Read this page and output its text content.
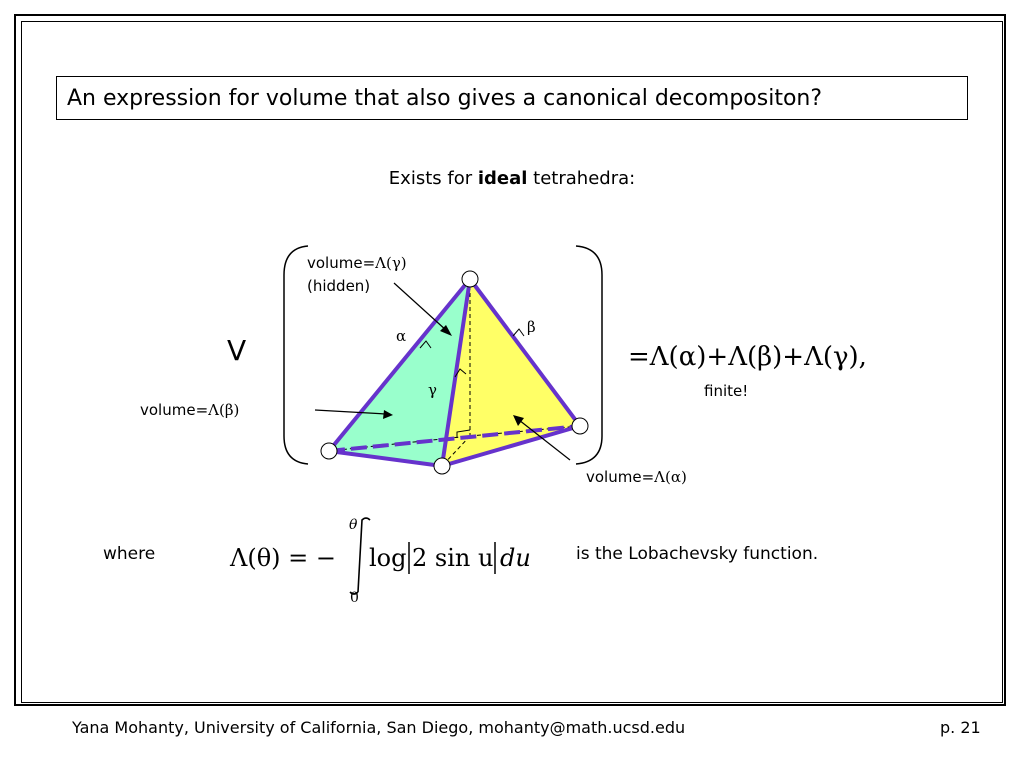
An expression for volume that also gives a canonical decompositon?
Exists for ideal tetrahedra:
V	α	β
γ
volume=Λ(γ)
(hidden)
volume=Λ(β)
volume=Λ(α)
=Λ(α)+Λ(β)+Λ(γ),
finite!
where	Λ(θ) = −
θ
0
log 2 sin u du	is the Lobachevsky function.
Yana Mohanty, University of California, San Diego, mohanty@math.ucsd.edu	p. 21
